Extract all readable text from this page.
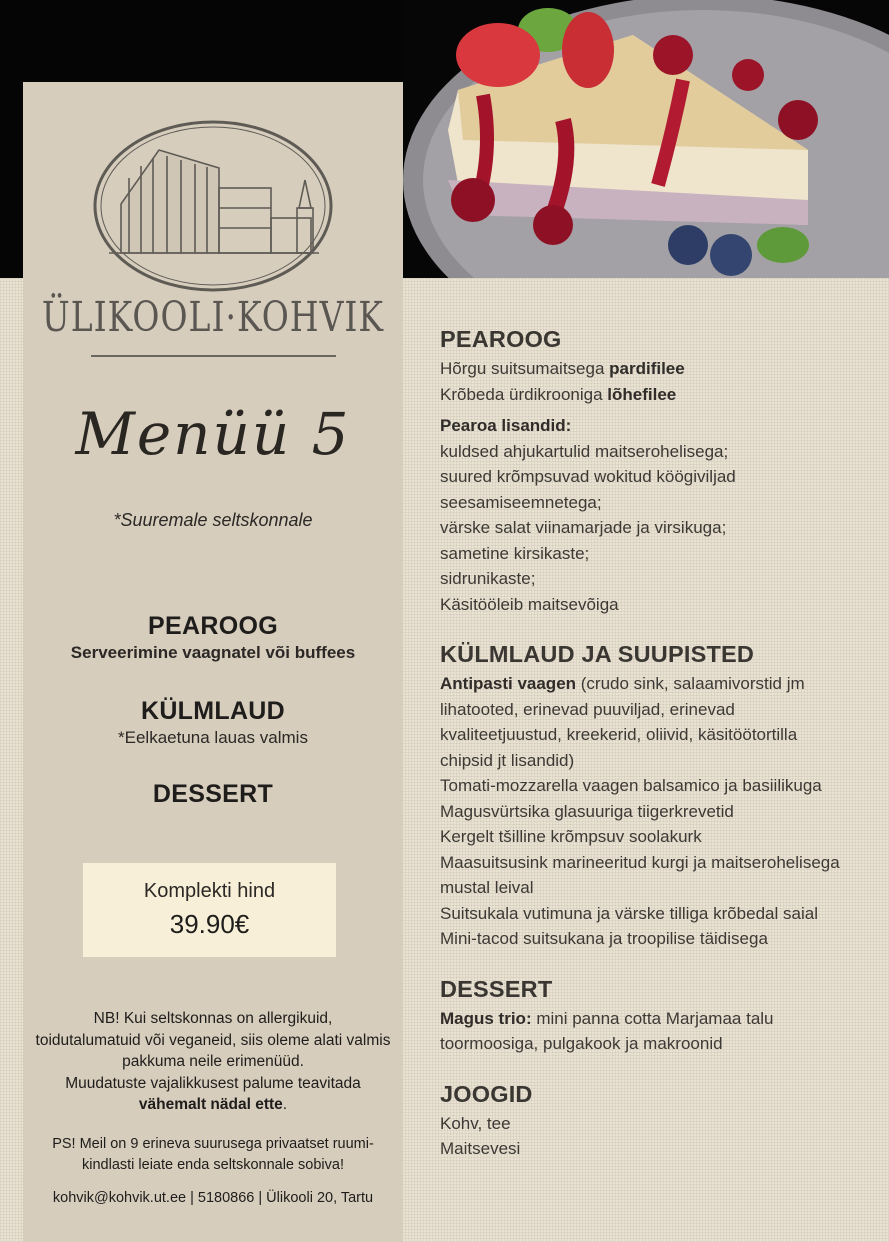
ÜLIKOOLI·KOHVIK
Menüü 5
*Suuremale seltskonnale
PEAROOG

Serveerimine vaagnatel või buffees

KÜLMLAUD

*Eelkaetuna lauas valmis

DESSERT
Komplekti hind
39.90€
NB! Kui seltskonnas on allergikuid,
toidutalumatuid või veganeid, siis oleme alati valmis
pakkuma neile erimenüüd.
Muudatuste vajalikkusest palume teavitada
vähemalt nädal ette.
PS! Meil on 9 erineva suurusega privaatset ruumi-
kindlasti leiate enda seltskonnale sobiva!
kohvik@kohvik.ut.ee | 5180866 | Ülikooli 20, Tartu
PEAROOG
Hõrgu suitsumaitsega pardifilee
Krõbeda ürdikrooniga lõhefilee
Pearoa lisandid:
kuldsed ahjukartulid maitserohelisega;
suured krõmpsuvad wokitud köögiviljad
seesamiseemnetega;
värske salat viinamarjade ja virsikuga;
sametine kirsikaste;
sidrunikaste;
Käsitööleib maitsevõiga
KÜLMLAUD JA SUUPISTED
Antipasti vaagen (crudo sink, salaamivorstid jm
lihatooted, erinevad puuviljad, erinevad
kvaliteetjuustud, kreekerid, oliivid, käsitöötortilla
chipsid jt lisandid)
Tomati-mozzarella vaagen balsamico ja basiilikuga
Magusvürtsika glasuuriga tiigerkrevetid
Kergelt tšilline krõmpsuv soolakurk
Maasuitsusink marineeritud kurgi ja maitserohelisega
mustal leival
Suitsukala vutimuna ja värske tilliga krõbedal saial
Mini-tacod suitsukana ja troopilise täidisega
DESSERT
Magus trio: mini panna cotta Marjamaa talu
toormoosiga, pulgakook ja makroonid
JOOGID
Kohv, tee
Maitsevesi
